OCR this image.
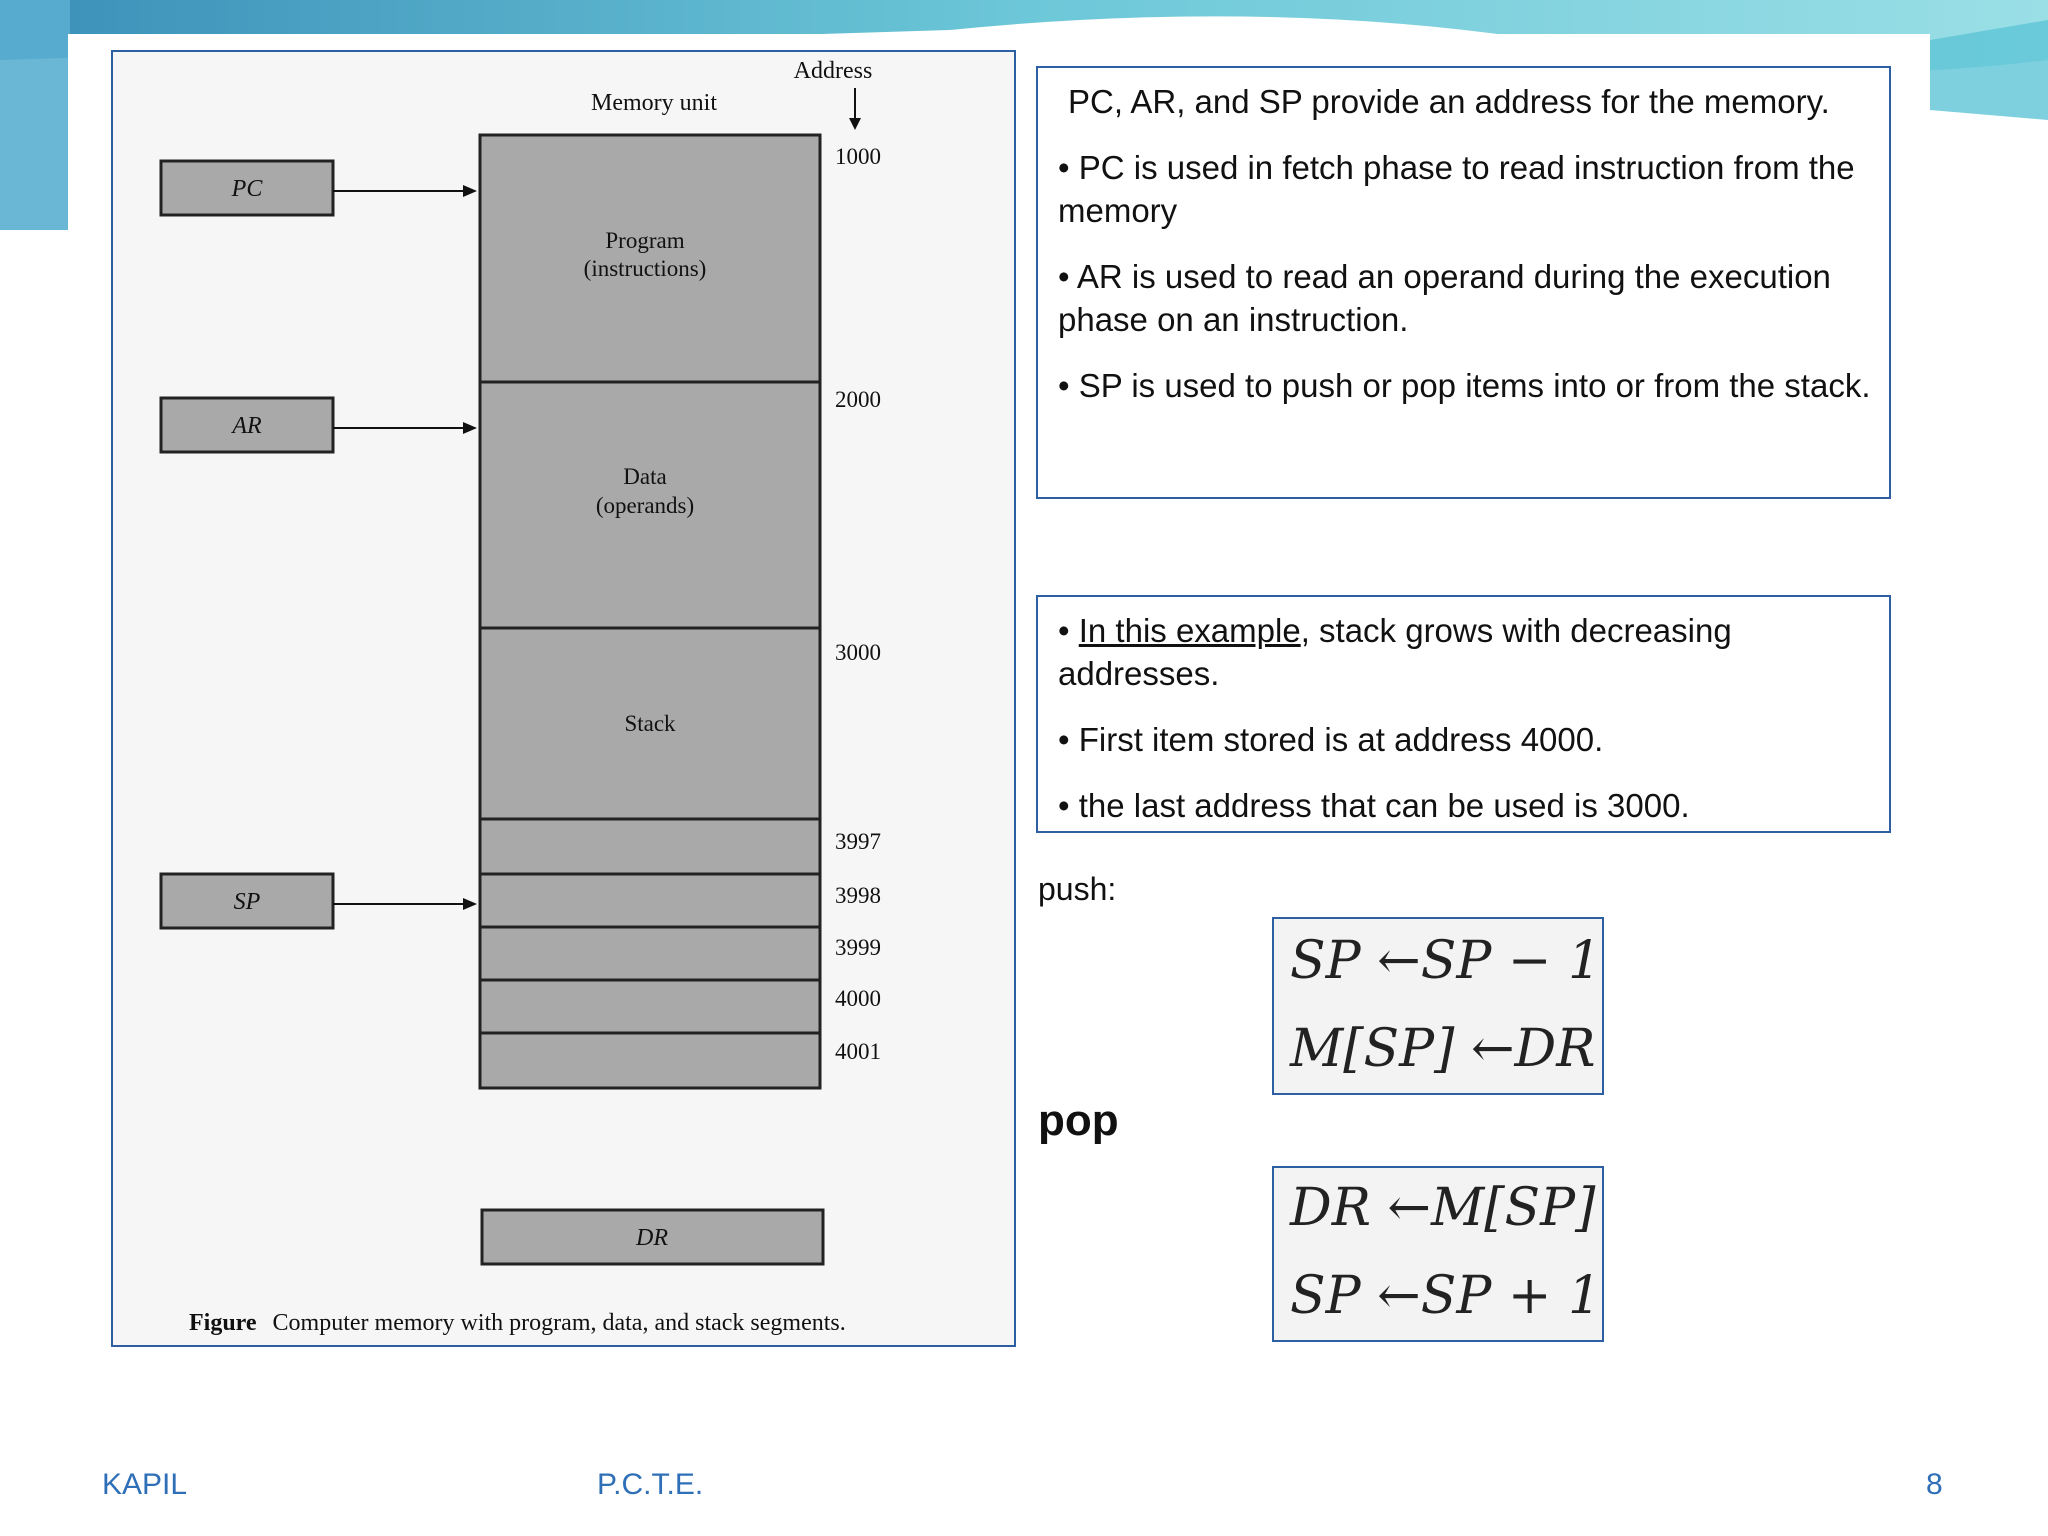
Address
Memory unit
Program
(instructions)
Data
(operands)
Stack
1000
2000
3000
3997
3998
3999
4000
4001
PC
AR
SP
DR
Figure Computer memory with program, data, and stack segments.

PC, AR, and SP provide an address for the memory.

• PC is used in fetch phase to read instruction from the memory

• AR is used to read an operand during the execution phase on an instruction.

• SP is used to push or pop items into or from the stack.

• In this example, stack grows with decreasing addresses.

• First item stored is at address 4000.

• the last address that can be used is 3000.

push:
SP ←SP − 1
M[SP] ←DR
pop
DR ←M[SP]
SP ←SP + 1
KAPIL	P.C.T.E.	8
